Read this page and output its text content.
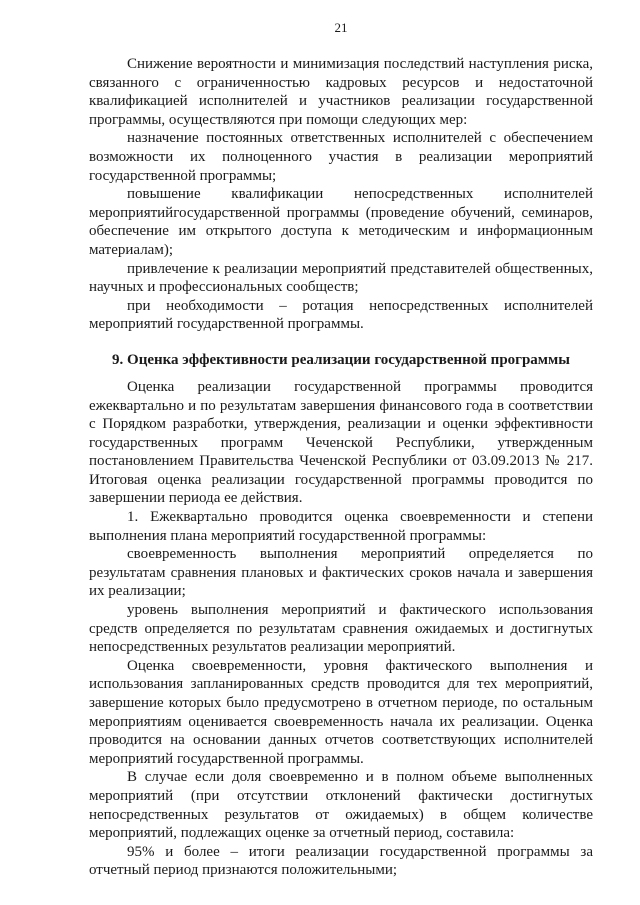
21

Снижение вероятности и минимизация последствий наступления риска, связанного с ограниченностью кадровых ресурсов и недостаточной квалификацией исполнителей и участников реализации государственной программы, осуществляются при помощи следующих мер:

назначение постоянных ответственных исполнителей с обеспечением возможности их полноценного участия в реализации мероприятий государственной программы;

повышение квалификации непосредственных исполнителей мероприятийгосударственной программы (проведение обучений, семинаров, обеспечение им открытого доступа к методическим и информационным материалам);

привлечение к реализации мероприятий представителей общественных, научных и профессиональных сообществ;

при необходимости – ротация непосредственных исполнителей мероприятий государственной программы.

9. Оценка эффективности реализации государственной программы

Оценка реализации государственной программы проводится ежеквартально и по результатам завершения финансового года в соответствии с Порядком разработки, утверждения, реализации и оценки эффективности государственных программ Чеченской Республики, утвержденным постановлением Правительства Чеченской Республики от 03.09.2013 № 217. Итоговая оценка реализации государственной программы проводится по завершении периода ее действия.

1. Ежеквартально проводится оценка своевременности и степени выполнения плана мероприятий государственной программы:

своевременность выполнения мероприятий определяется по результатам сравнения плановых и фактических сроков начала и завершения их реализации;

уровень выполнения мероприятий и фактического использования средств определяется по результатам сравнения ожидаемых и достигнутых непосредственных результатов реализации мероприятий.

Оценка своевременности, уровня фактического выполнения и использования запланированных средств проводится для тех мероприятий, завершение которых было предусмотрено в отчетном периоде, по остальным мероприятиям оценивается своевременность начала их реализации. Оценка проводится на основании данных отчетов соответствующих исполнителей мероприятий государственной программы.

В случае если доля своевременно и в полном объеме выполненных мероприятий (при отсутствии отклонений фактически достигнутых непосредственных результатов от ожидаемых) в общем количестве мероприятий, подлежащих оценке за отчетный период, составила:

95% и более – итоги реализации государственной программы за отчетный период признаются положительными;
